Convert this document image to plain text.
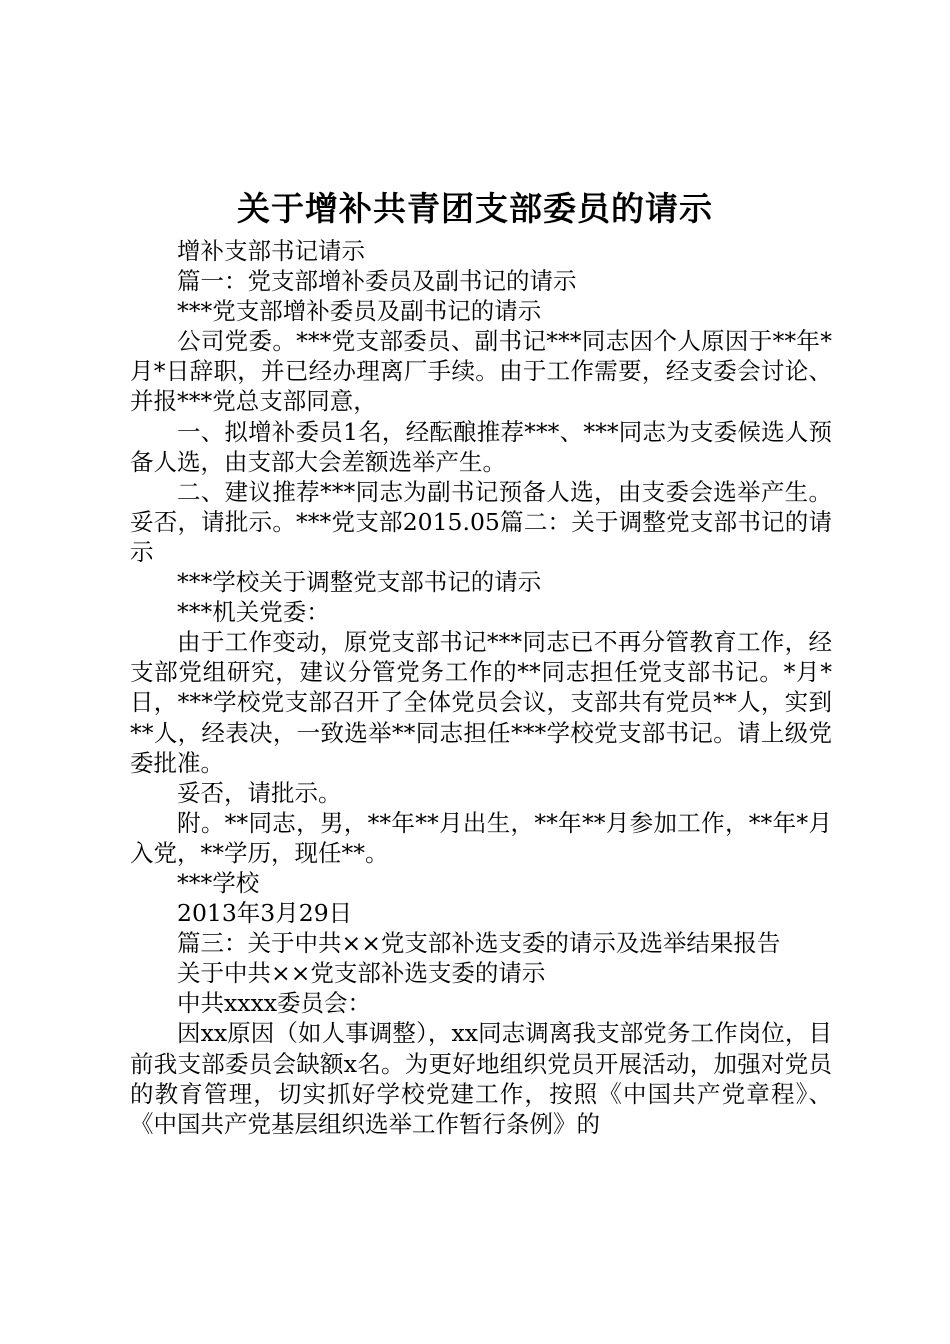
关于增补共青团支部委员的请示

增补支部书记请示

篇一：党支部增补委员及副书记的请示

***党支部增补委员及副书记的请示

公司党委。***党支部委员、副书记***同志因个人原因于**年*月*日辞职，并已经办理离厂手续。由于工作需要，经支委会讨论、并报***党总支部同意，

一、拟增补委员1名，经酝酿推荐***、***同志为支委候选人预备人选，由支部大会差额选举产生。

二、建议推荐***同志为副书记预备人选，由支委会选举产生。妥否，请批示。***党支部2015.05篇二：关于调整党支部书记的请示

***学校关于调整党支部书记的请示

***机关党委：

由于工作变动，原党支部书记***同志已不再分管教育工作，经支部党组研究，建议分管党务工作的**同志担任党支部书记。*月*日，***学校党支部召开了全体党员会议，支部共有党员**人，实到**人，经表决，一致选举**同志担任***学校党支部书记。请上级党委批准。

妥否，请批示。

附。**同志，男，**年**月出生，**年**月参加工作，**年*月入党，**学历，现任**。

***学校

2013年3月29日

篇三：关于中共××党支部补选支委的请示及选举结果报告

关于中共××党支部补选支委的请示

中共xxxx委员会：

因xx原因（如人事调整），xx同志调离我支部党务工作岗位，目前我支部委员会缺额x名。为更好地组织党员开展活动，加强对党员的教育管理，切实抓好学校党建工作，按照《中国共产党章程》、《中国共产党基层组织选举工作暂行条例》的
